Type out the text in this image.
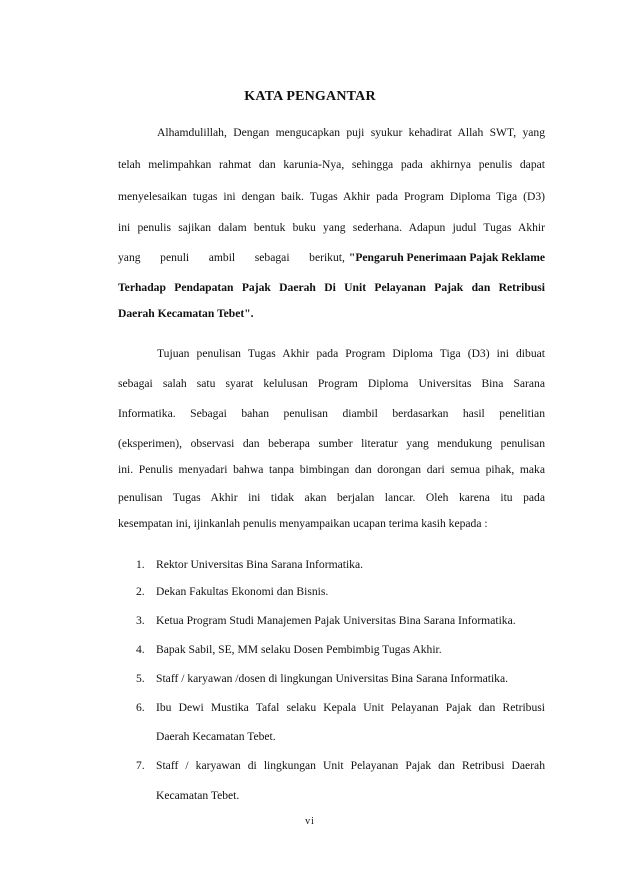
KATA PENGANTAR
Alhamdulillah, Dengan mengucapkan puji syukur kehadirat Allah SWT, yang
telah melimpahkan rahmat dan karunia-Nya, sehingga pada akhirnya penulis dapat
menyelesaikan tugas ini dengan baik. Tugas Akhir pada Program Diploma Tiga (D3)
ini penulis sajikan dalam bentuk buku yang sederhana. Adapun judul Tugas Akhir
yang penuli ambil sebagai berikut, "Pengaruh Penerimaan Pajak Reklame
Terhadap Pendapatan Pajak Daerah Di Unit Pelayanan Pajak dan Retribusi
Daerah Kecamatan Tebet".
Tujuan penulisan Tugas Akhir pada Program Diploma Tiga (D3) ini dibuat
sebagai salah satu syarat kelulusan Program Diploma Universitas Bina Sarana
Informatika. Sebagai bahan penulisan diambil berdasarkan hasil penelitian
(eksperimen), observasi dan beberapa sumber literatur yang mendukung penulisan
ini. Penulis menyadari bahwa tanpa bimbingan dan dorongan dari semua pihak, maka
penulisan Tugas Akhir ini tidak akan berjalan lancar. Oleh karena itu pada
kesempatan ini, ijinkanlah penulis menyampaikan ucapan terima kasih kepada :
1. Rektor Universitas Bina Sarana Informatika.
2. Dekan Fakultas Ekonomi dan Bisnis.
3. Ketua Program Studi Manajemen Pajak Universitas Bina Sarana Informatika.
4. Bapak Sabil, SE, MM selaku Dosen Pembimbig Tugas Akhir.
5. Staff / karyawan /dosen di lingkungan Universitas Bina Sarana Informatika.
6. Ibu Dewi Mustika Tafal selaku Kepala Unit Pelayanan Pajak dan Retribusi
Daerah Kecamatan Tebet.
7. Staff / karyawan di lingkungan Unit Pelayanan Pajak dan Retribusi Daerah
Kecamatan Tebet.
vi
